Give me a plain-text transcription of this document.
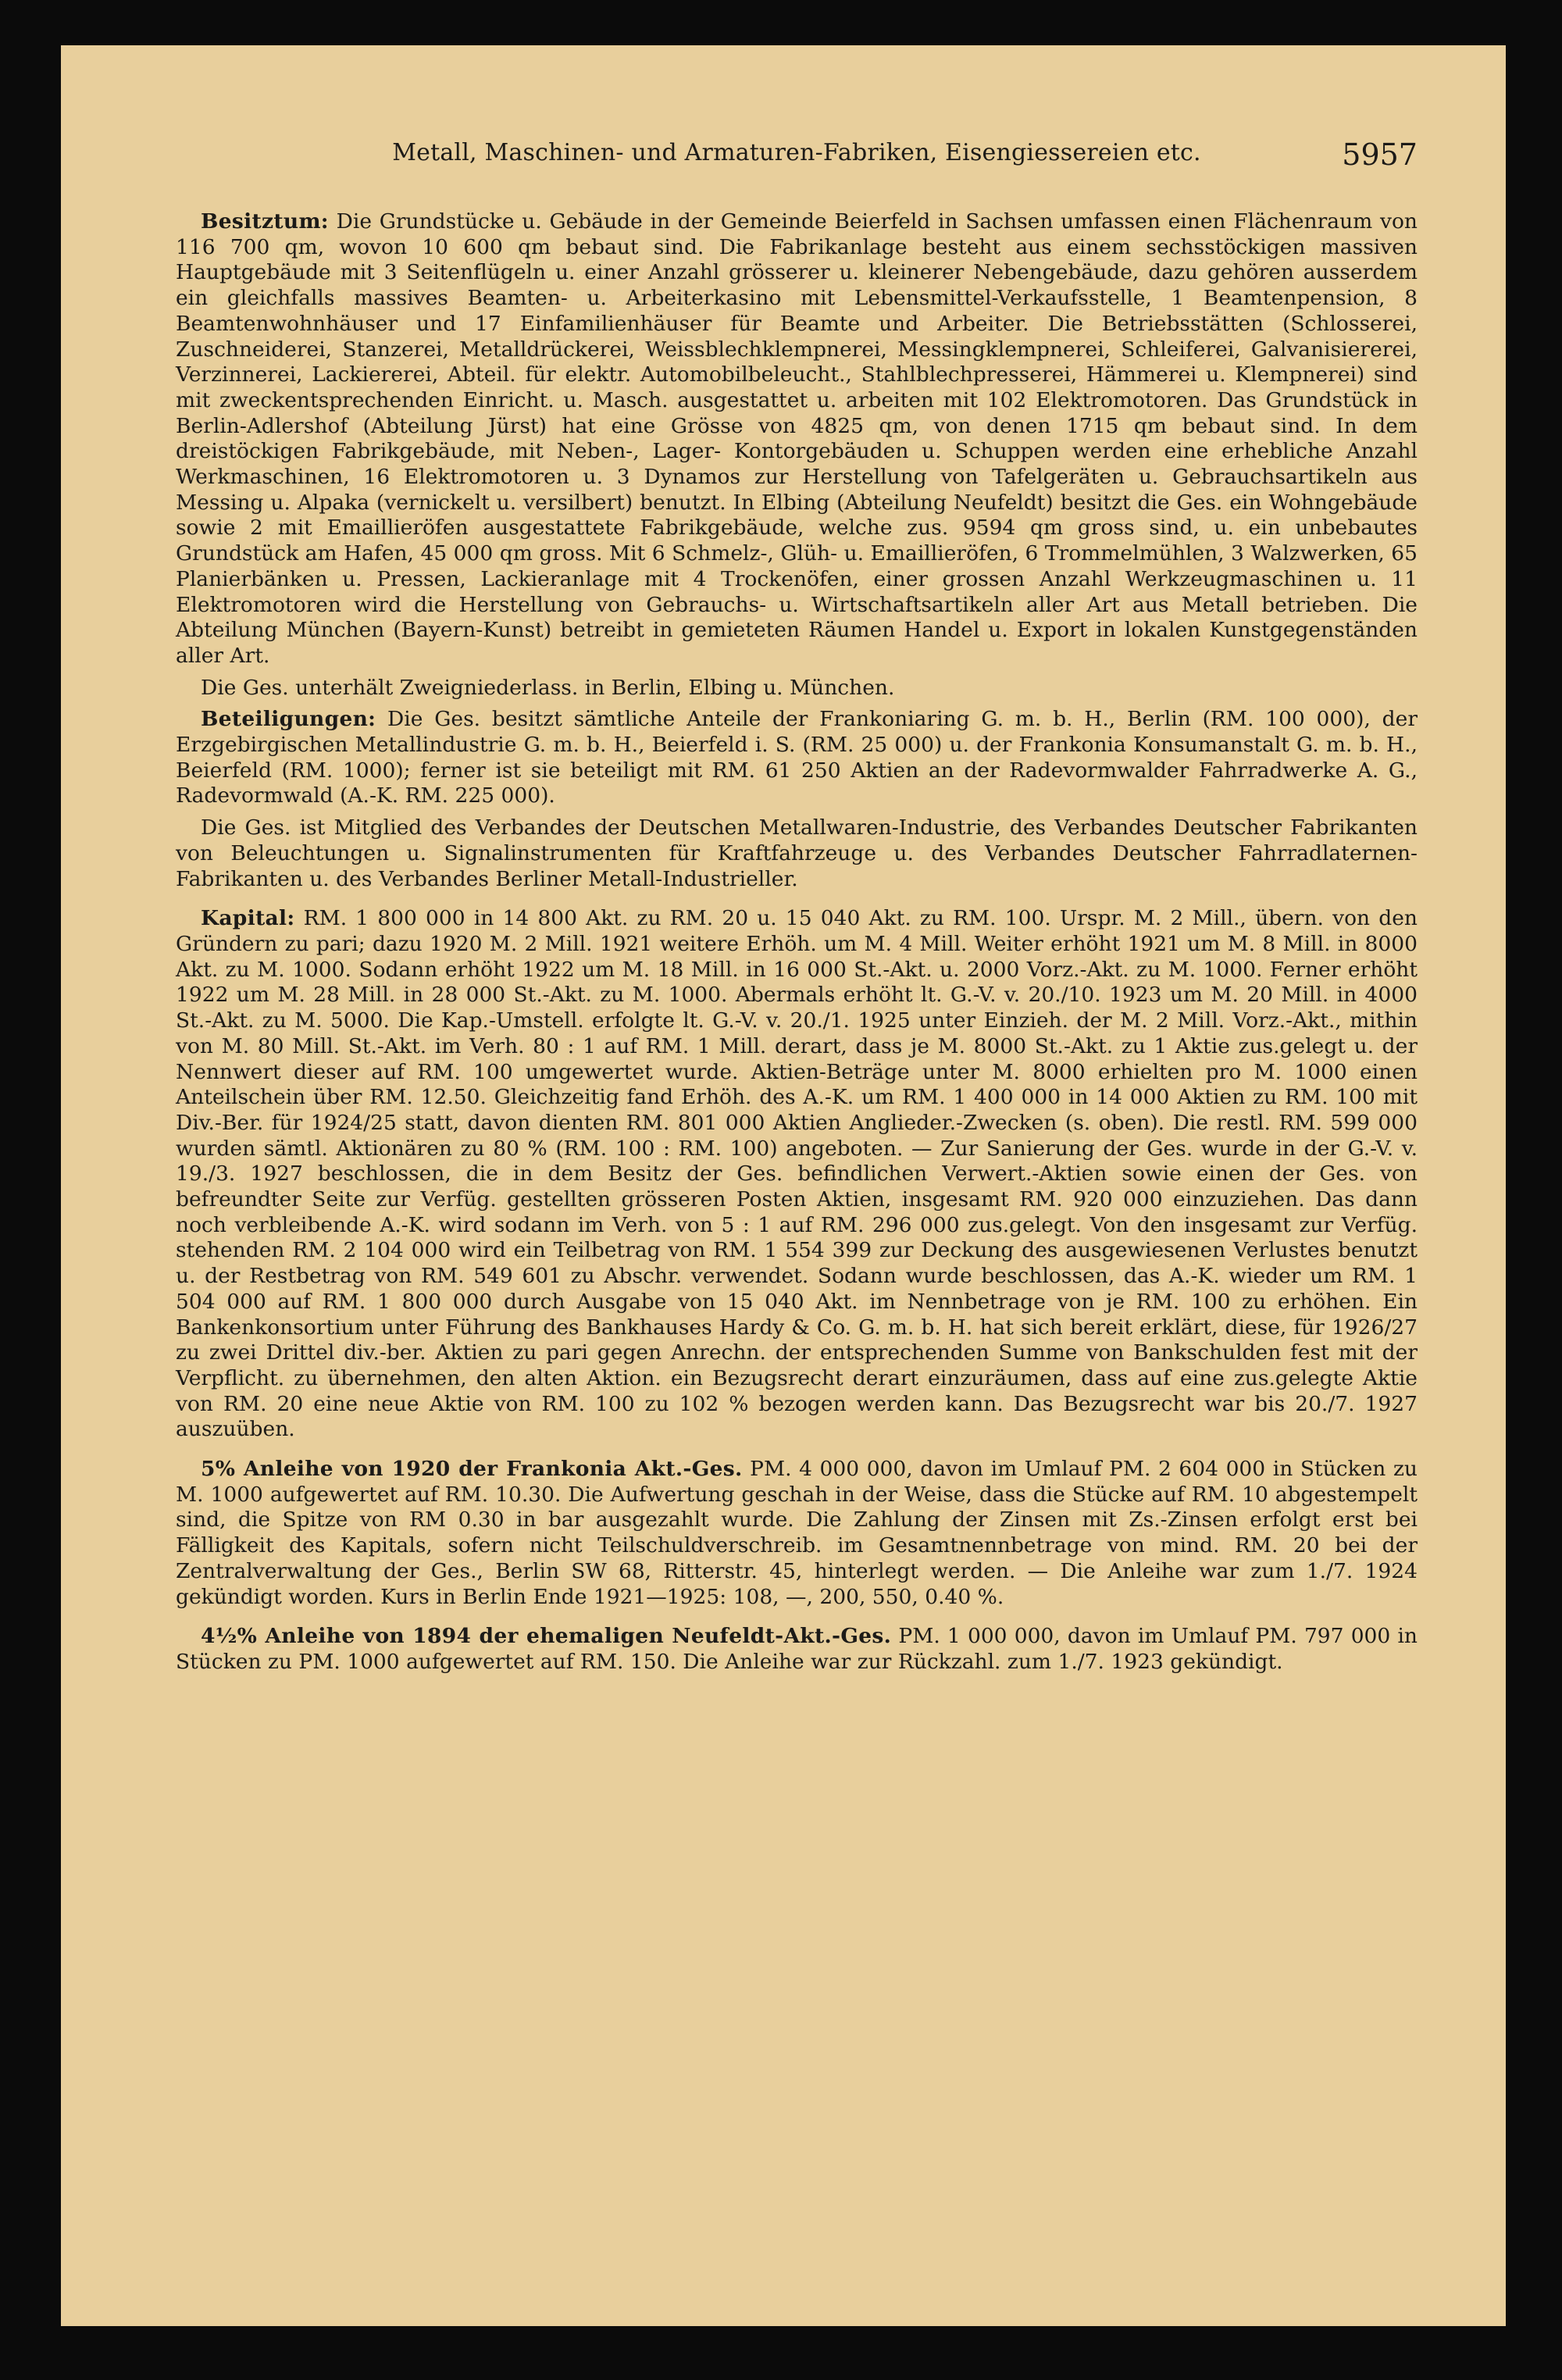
Metall, Maschinen- und Armaturen-Fabriken, Eisengiessereien etc.	5957

Besitztum: Die Grundstücke u. Gebäude in der Gemeinde Beierfeld in Sachsen umfassen einen Flächenraum von 116 700 qm, wovon 10 600 qm bebaut sind. Die Fabrikanlage besteht aus einem sechsstöckigen massiven Hauptgebäude mit 3 Seitenflügeln u. einer Anzahl grösserer u. kleinerer Nebengebäude, dazu gehören ausserdem ein gleichfalls massives Beamten- u. Arbeiterkasino mit Lebensmittel-Verkaufsstelle, 1 Beamtenpension, 8 Beamtenwohnhäuser und 17 Einfamilienhäuser für Beamte und Arbeiter. Die Betriebsstätten (Schlosserei, Zuschneiderei, Stanzerei, Metalldrückerei, Weissblechklempnerei, Messingklempnerei, Schleiferei, Galvanisiererei, Verzinnerei, Lackiererei, Abteil. für elektr. Automobilbeleucht., Stahlblechpresserei, Hämmerei u. Klempnerei) sind mit zweckentsprechenden Einricht. u. Masch. ausgestattet u. arbeiten mit 102 Elektromotoren. Das Grundstück in Berlin-Adlershof (Abteilung Jürst) hat eine Grösse von 4825 qm, von denen 1715 qm bebaut sind. In dem dreistöckigen Fabrikgebäude, mit Neben-, Lager- Kontorgebäuden u. Schuppen werden eine erhebliche Anzahl Werkmaschinen, 16 Elektromotoren u. 3 Dynamos zur Herstellung von Tafelgeräten u. Gebrauchsartikeln aus Messing u. Alpaka (vernickelt u. versilbert) benutzt. In Elbing (Abteilung Neufeldt) besitzt die Ges. ein Wohngebäude sowie 2 mit Emaillieröfen ausgestattete Fabrikgebäude, welche zus. 9594 qm gross sind, u. ein unbebautes Grundstück am Hafen, 45 000 qm gross. Mit 6 Schmelz-, Glüh- u. Emaillieröfen, 6 Trommelmühlen, 3 Walzwerken, 65 Planierbänken u. Pressen, Lackieranlage mit 4 Trockenöfen, einer grossen Anzahl Werkzeugmaschinen u. 11 Elektromotoren wird die Herstellung von Gebrauchs- u. Wirtschaftsartikeln aller Art aus Metall betrieben. Die Abteilung München (Bayern-Kunst) betreibt in gemieteten Räumen Handel u. Export in lokalen Kunstgegenständen aller Art.

Die Ges. unterhält Zweigniederlass. in Berlin, Elbing u. München.

Beteiligungen: Die Ges. besitzt sämtliche Anteile der Frankoniaring G. m. b. H., Berlin (RM. 100 000), der Erzgebirgischen Metallindustrie G. m. b. H., Beierfeld i. S. (RM. 25 000) u. der Frankonia Konsumanstalt G. m. b. H., Beierfeld (RM. 1000); ferner ist sie beteiligt mit RM. 61 250 Aktien an der Radevormwalder Fahrradwerke A. G., Radevormwald (A.-K. RM. 225 000).

Die Ges. ist Mitglied des Verbandes der Deutschen Metallwaren-Industrie, des Verbandes Deutscher Fabrikanten von Beleuchtungen u. Signalinstrumenten für Kraftfahrzeuge u. des Verbandes Deutscher Fahrradlaternen-Fabrikanten u. des Verbandes Berliner Metall-Industrieller.

Kapital: RM. 1 800 000 in 14 800 Akt. zu RM. 20 u. 15 040 Akt. zu RM. 100. Urspr. M. 2 Mill., übern. von den Gründern zu pari; dazu 1920 M. 2 Mill. 1921 weitere Erhöh. um M. 4 Mill. Weiter erhöht 1921 um M. 8 Mill. in 8000 Akt. zu M. 1000. Sodann erhöht 1922 um M. 18 Mill. in 16 000 St.-Akt. u. 2000 Vorz.-Akt. zu M. 1000. Ferner erhöht 1922 um M. 28 Mill. in 28 000 St.-Akt. zu M. 1000. Abermals erhöht lt. G.-V. v. 20./10. 1923 um M. 20 Mill. in 4000 St.-Akt. zu M. 5000. Die Kap.-Umstell. erfolgte lt. G.-V. v. 20./1. 1925 unter Einzieh. der M. 2 Mill. Vorz.-Akt., mithin von M. 80 Mill. St.-Akt. im Verh. 80 : 1 auf RM. 1 Mill. derart, dass je M. 8000 St.-Akt. zu 1 Aktie zus.gelegt u. der Nennwert dieser auf RM. 100 umgewertet wurde. Aktien-Beträge unter M. 8000 erhielten pro M. 1000 einen Anteilschein über RM. 12.50. Gleichzeitig fand Erhöh. des A.-K. um RM. 1 400 000 in 14 000 Aktien zu RM. 100 mit Div.-Ber. für 1924/25 statt, davon dienten RM. 801 000 Aktien Anglieder.-Zwecken (s. oben). Die restl. RM. 599 000 wurden sämtl. Aktionären zu 80 % (RM. 100 : RM. 100) angeboten. — Zur Sanierung der Ges. wurde in der G.-V. v. 19./3. 1927 beschlossen, die in dem Besitz der Ges. befindlichen Verwert.-Aktien sowie einen der Ges. von befreundter Seite zur Verfüg. gestellten grösseren Posten Aktien, insgesamt RM. 920 000 einzuziehen. Das dann noch verbleibende A.-K. wird sodann im Verh. von 5 : 1 auf RM. 296 000 zus.gelegt. Von den insgesamt zur Verfüg. stehenden RM. 2 104 000 wird ein Teilbetrag von RM. 1 554 399 zur Deckung des ausgewiesenen Verlustes benutzt u. der Restbetrag von RM. 549 601 zu Abschr. verwendet. Sodann wurde beschlossen, das A.-K. wieder um RM. 1 504 000 auf RM. 1 800 000 durch Ausgabe von 15 040 Akt. im Nennbetrage von je RM. 100 zu erhöhen. Ein Bankenkonsortium unter Führung des Bankhauses Hardy & Co. G. m. b. H. hat sich bereit erklärt, diese, für 1926/27 zu zwei Drittel div.-ber. Aktien zu pari gegen Anrechn. der entsprechenden Summe von Bankschulden fest mit der Verpflicht. zu übernehmen, den alten Aktion. ein Bezugsrecht derart einzuräumen, dass auf eine zus.gelegte Aktie von RM. 20 eine neue Aktie von RM. 100 zu 102 % bezogen werden kann. Das Bezugsrecht war bis 20./7. 1927 auszuüben.

5% Anleihe von 1920 der Frankonia Akt.-Ges. PM. 4 000 000, davon im Umlauf PM. 2 604 000 in Stücken zu M. 1000 aufgewertet auf RM. 10.30. Die Aufwertung geschah in der Weise, dass die Stücke auf RM. 10 abgestempelt sind, die Spitze von RM 0.30 in bar ausgezahlt wurde. Die Zahlung der Zinsen mit Zs.-Zinsen erfolgt erst bei Fälligkeit des Kapitals, sofern nicht Teilschuldverschreib. im Gesamtnennbetrage von mind. RM. 20 bei der Zentralverwaltung der Ges., Berlin SW 68, Ritterstr. 45, hinterlegt werden. — Die Anleihe war zum 1./7. 1924 gekündigt worden. Kurs in Berlin Ende 1921—1925: 108, —, 200, 550, 0.40 %.

4½% Anleihe von 1894 der ehemaligen Neufeldt-Akt.-Ges. PM. 1 000 000, davon im Umlauf PM. 797 000 in Stücken zu PM. 1000 aufgewertet auf RM. 150. Die Anleihe war zur Rückzahl. zum 1./7. 1923 gekündigt.
